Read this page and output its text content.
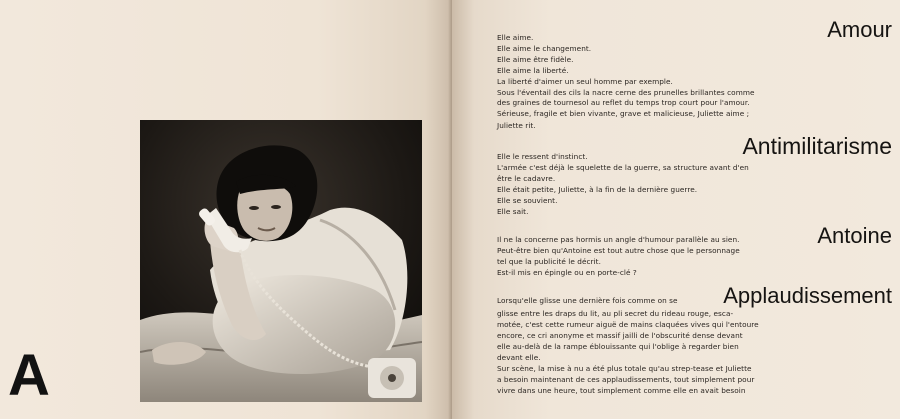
A
Amour

Elle aime.

Elle aime le changement.

Elle aime être fidèle.

Elle aime la liberté.

La liberté d'aimer un seul homme par exemple.

Sous l'éventail des cils la nacre cerne des prunelles brillantes comme

des graines de tournesol au reflet du temps trop court pour l'amour.

Sérieuse, fragile et bien vivante, grave et malicieuse, Juliette aime ;

Juliette rit.

Antimilitarisme

Elle le ressent d'instinct.

L'armée c'est déjà le squelette de la guerre, sa structure avant d'en

être le cadavre.

Elle était petite, Juliette, à la fin de la dernière guerre.

Elle se souvient.

Elle sait.

Antoine

Il ne la concerne pas hormis un angle d'humour parallèle au sien.

Peut-être bien qu'Antoine est tout autre chose que le personnage

tel que la publicité le décrit.

Est-il mis en épingle ou en porte-clé ?

Applaudissement

Lorsqu'elle glisse une dernière fois comme on se

glisse entre les draps du lit, au pli secret du rideau rouge, esca-

motée, c'est cette rumeur aiguë de mains claquées vives qui l'entoure

encore, ce cri anonyme et massif jailli de l'obscurité dense devant

elle au-delà de la rampe éblouissante qui l'oblige à regarder bien

devant elle.

Sur scène, la mise à nu a été plus totale qu'au strep-tease et Juliette

a besoin maintenant de ces applaudissements, tout simplement pour

vivre dans une heure, tout simplement comme elle en avait besoin
